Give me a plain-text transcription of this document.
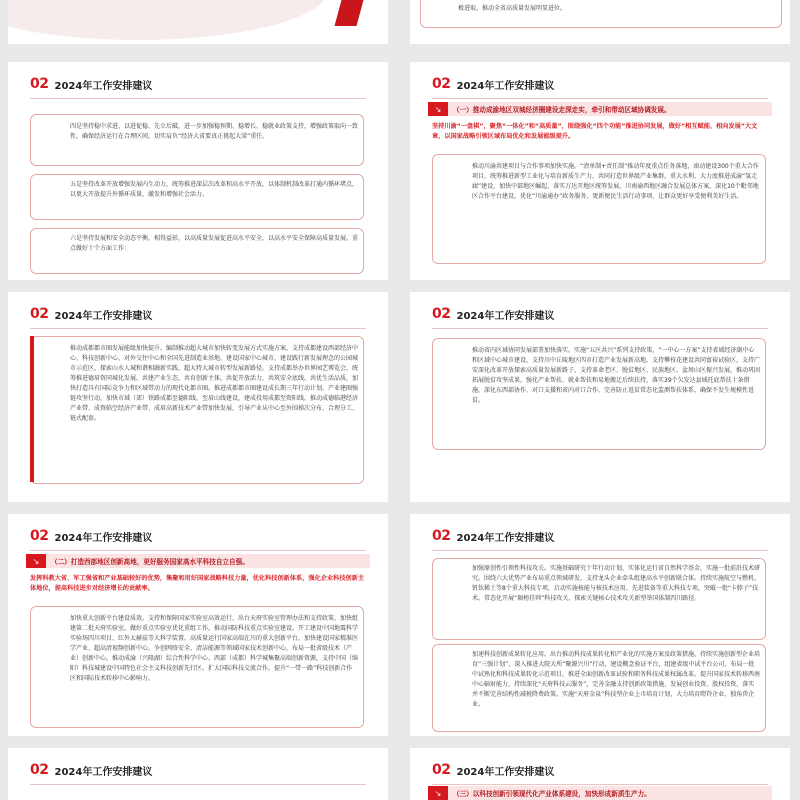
极进取，推动全省高质量发展明显进位。
02 2024年工作安排建议
四是坚持稳中求进、以进促稳、先立后破，进一步加强稳预期、稳增长、稳就业政策支持，增强政策取向一致性，确保经济运行在合理区间，切实肩负“经济大省要真正挑起大梁”重任。
五是坚持改革开放增强发展内生动力，统筹推进深层次改革和高水平开放，以体制机制改革打通内循环堵点，以更大开放提升外循环质量，激发和增强社会活力。
六是坚持发展和安全动态平衡，相得益彰，以高质量发展促进高水平安全，以高水平安全保障高质量发展。重点做好十个方面工作：
02 2024年工作安排建议
↘	（一）推动成渝地区双城经济圈建设走深走实，牵引和带动区域协调发展。
坚持川渝“一盘棋”，聚焦“一体化”和“高质量”，围绕强化“四个功能”推进协同发展，做好“相互赋能、相向发展”大文章，以国家战略引领区域布局优化和发展能级提升。
推动川渝共建项目与合作事项加快实施。“清单制+责任制”推动年度重点任务落地，滚动建设300个重大合作项目，统筹推进新型工业化与培育新质生产力，共同打造世界级产业集群。重大水利、大力度推进成渝“氢走廊”建设，加快中部地区崛起，落实万达开地区统筹发展，川南渝西地区融合发展总体方案，深化10个毗邻地区合作平台建设，优化“川渝通办”政务服务，更新便民生活行动事项，让群众更好享受便利美好生活。
02 2024年工作安排建议
推动成都都市圈发展能级加快提升。编制推动超大城市加快转变发展方式实施方案，支持成都建设西部经济中心、科技创新中心、对外交往中心和全国先进制造业基地，建设国家中心城市，建设践行新发展理念的公园城市示范区，探索山水人城和谐相融新实践，超大特大城市转型发展新路径。支持成都举办世界园艺博览会，统筹推进德眉资同城化发展，共建产业生态，共育创新主体，共促开放活力，共筑安全底线，共优生活品质，加快打造具有国际竞争力和区域带动力的现代化都市圈。推进成都都市圈建设成长期三年行动计划，产业建圈强链攻坚行动，加快市域（郊）铁路成都至德阳线、至眉山线建设，建成投用成都至资阳线，推动成德临港经济产业带、成资临空经济产业带、成眉高新技术产业带加快发展，引导产业从中心至外围梯次分布、合理分工、链式配套。
02 2024年工作安排建议
推动省内区域协同发展部署加快落实。实施“五区共兴”系列支持政策，“一中心一方案”支持省域经济副中心和区域中心城市建设，支持川中丘陵地区四市打造产业发展新高地，支持攀枝花建设共同富裕试验区，支持广安深化改革开放探索高质量发展新路子，支持革命老区、脱贫地区、民族地区、盆周山区振兴发展，推动巩固拓展脱贫攻坚成果，强化产业帮扶、就业帮扶和易地搬迁后续扶持，落实39个欠发达县域托底帮扶十条措施，深化东西部协作、对口支援和省内对口合作，完善防止返贫常态化监测帮扶体系，确保不发生规模性返贫。
02 2024年工作安排建议
↘	（二）打造西部地区创新高地，更好服务国家高水平科技自立自强。
发挥科教大省、军工强省和产业基础较好的优势，集聚和用好国家战略科技力量，优化科技创新体系，强化企业科技创新主体地位，提高科技进步对经济增长的贡献率。
加快重大创新平台建设质效。支持和保障国家实验室高效运行，出台天府实验室管理办法和支持政策，加快组建第二批天府实验室，做好重点实验室优化重组工作，推动国防科技重点实验室建设。开工建设中国地震科学实验场四川项目、红外太赫兹等大科学装置。高质量运行国家高端在川的重大创新平台，加快建设国家精准医学产业、超高清视频创新中心，争创网络安全、清洁能源等领域国家技术创新中心，布局一批省级技术（产业）创新中心。推动成渝（兴隆湖）综合性科学中心、西部（成都）科学城集聚高端创新资源，支持中国（绵阳）科技城建设中国特色社会主义科技创新先行区。扩大国际科技交流合作，提升“一带一路”科技创新合作区和国际技术转移中心影响力。
02 2024年工作安排建议
加强原创性引领性科技攻关。实施基础研究十年行动计划，实体化运行省自然科学基金，实施一批前沿技术研究。围绕六大优势产业布局重点领域研发，支持龙头企业牵头组建高水平创新联合体。持续实施航空与燃机、钒钛稀土等8个重大科技专项，启动实施核能与核技术应用、先进装备等重大科技专项，突破一批“卡脖子”技术。常态化开展“揭榜挂帅”科技攻关，探索关键核心技术攻关新型举国体制四川路径。
加速科技创新成果转化应用。出台推动科技成果转化和产业化的实施方案及政策措施。持续实施创新型企业培育“三强计划”，深入推进大院大所“聚源兴川”行动，建设概念验证平台，组建省级中试平台公司，布局一批中试熟化和科技成果转化示范项目，推进全面创新改革试验和职务科技成果权属改革。提升国家技术转移西南中心辐射能力，持续深化“天府科技云服务”，完善金融支持创新政策措施，发展创业投资、股权投资，落实并不断完善结构性减税降费政策。实施“天府金泉”科技型企业上市培育计划，大力培育瞪羚企业、独角兽企业。
02 2024年工作安排建议	02 2024年工作安排建议
↘	（三）以科技创新引领现代化产业体系建设，加快形成新质生产力。
